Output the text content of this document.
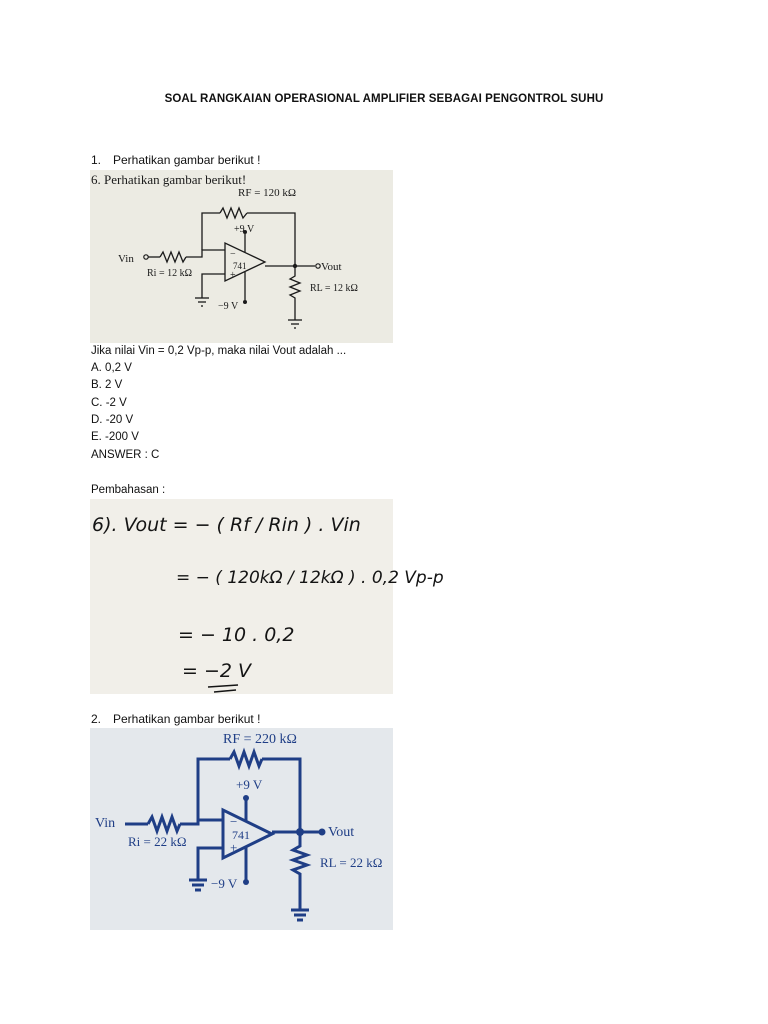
SOAL RANGKAIAN OPERASIONAL AMPLIFIER SEBAGAI PENGONTROL SUHU
1. Perhatikan gambar berikut !
−
+
6. Perhatikan gambar berikut!
RF = 120 kΩ
+9 V
Vin
Ri = 12 kΩ
741	Vout
RL = 12 kΩ
−9 V
Jika nilai Vin = 0,2 Vp-p, maka nilai Vout adalah ...
A. 0,2 V
B. 2 V
C. -2 V
D. -20 V
E. -200 V
ANSWER : C
Pembahasan :
6). Vout = − ( Rf / Rin ) . Vin
= − ( 120kΩ / 12kΩ ) . 0,2 Vp-p
= − 10 . 0,2
= −2 V
2. Perhatikan gambar berikut !
−
+
RF = 220 kΩ
+9 V
Vin
Ri = 22 kΩ	741	Vout
RL = 22 kΩ
−9 V
